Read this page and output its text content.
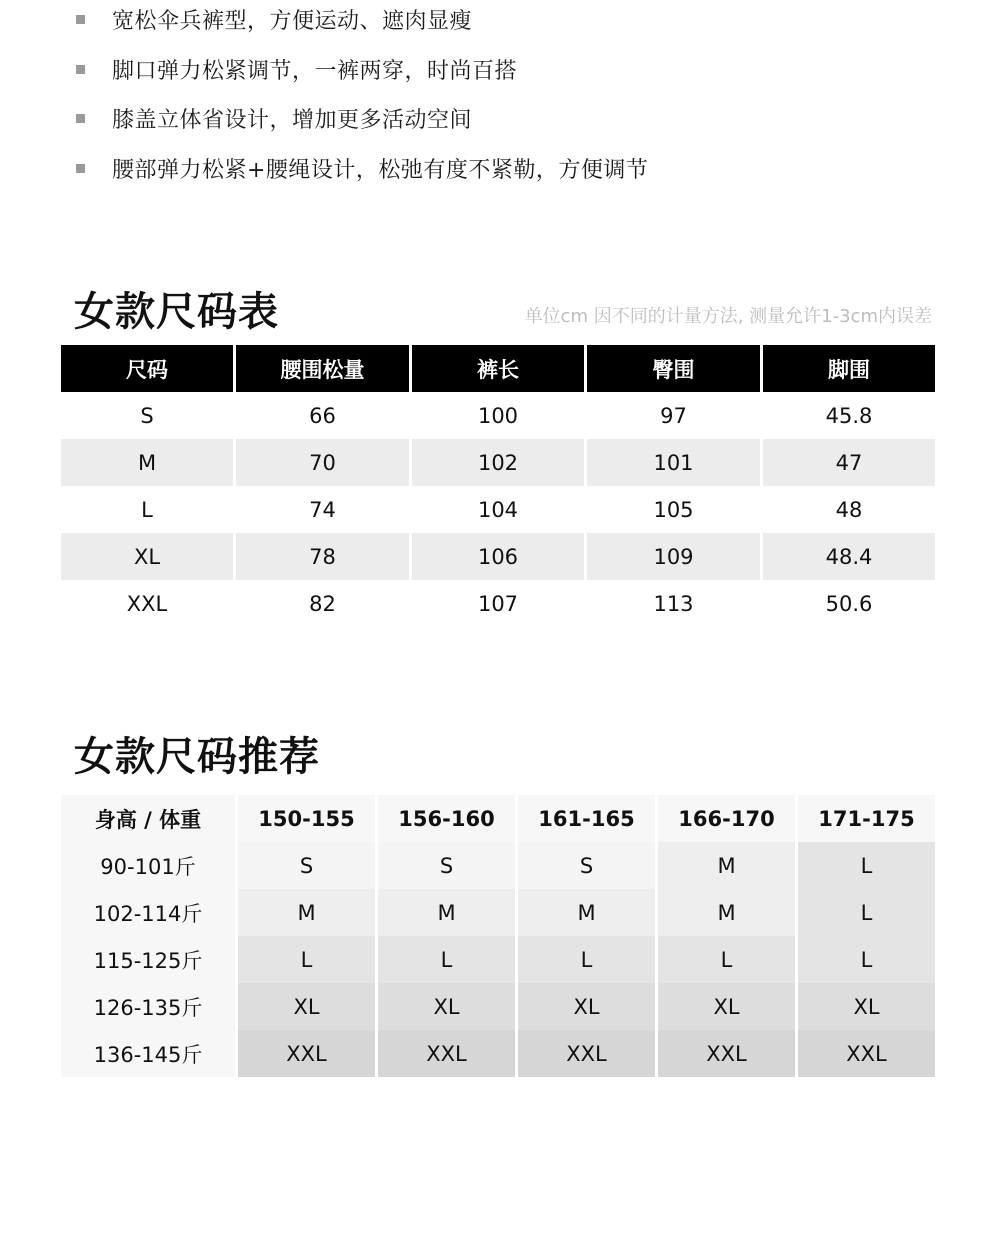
宽松伞兵裤型，方便运动、遮肉显瘦
脚口弹力松紧调节，一裤两穿，时尚百搭
膝盖立体省设计，增加更多活动空间
腰部弹力松紧+腰绳设计，松弛有度不紧勒，方便调节
女款尺码表	单位cm 因不同的计量方法, 测量允许1-3cm内误差
尺码	腰围松量	裤长	臀围	脚围
S	66	100	97	45.8
M	70	102	101	47
L	74	104	105	48
XL	78	106	109	48.4
XXL	82	107	113	50.6
女款尺码推荐
身高 / 体重	150-155	156-160	161-165	166-170	171-175
90-101斤	S	S	S	M	L
102-114斤	M	M	M	M	L
115-125斤	L	L	L	L	L
126-135斤	XL	XL	XL	XL	XL
136-145斤	XXL	XXL	XXL	XXL	XXL
